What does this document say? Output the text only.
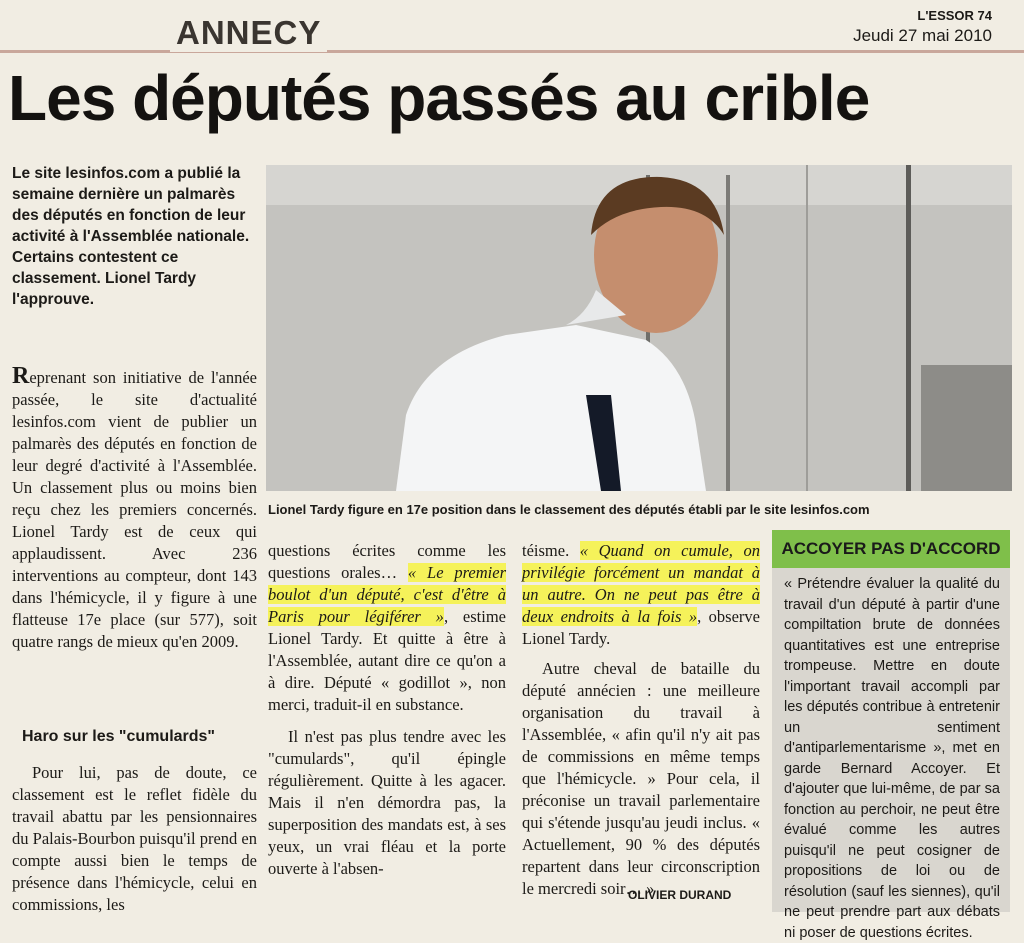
ANNECY	L'ESSOR 74
Jeudi 27 mai 2010
Les députés passés au crible

Le site lesinfos.com a publié la semaine dernière un palmarès des députés en fonction de leur activité à l'Assemblée nationale. Certains contestent ce classement. Lionel Tardy l'approuve.

Lionel Tardy figure en 17e position dans le classement des députés établi par le site lesinfos.com

Reprenant son initiative de l'année passée, le site d'actualité lesinfos.com vient de publier un palmarès des députés en fonction de leur degré d'activité à l'Assemblée. Un classement plus ou moins bien reçu chez les premiers concernés. Lionel Tardy est de ceux qui applaudissent. Avec 236 interventions au compteur, dont 143 dans l'hémicycle, il y figure à une flatteuse 17e place (sur 577), soit quatre rangs de mieux qu'en 2009.
Haro sur les "cumulards"

Pour lui, pas de doute, ce classement est le reflet fidèle du travail abattu par les pensionnaires du Palais-Bourbon puisqu'il prend en compte aussi bien le temps de présence dans l'hémicycle, celui en commissions, les

questions écrites comme les questions orales… « Le premier boulot d'un député, c'est d'être à Paris pour légiférer », estime Lionel Tardy. Et quitte à être à l'Assemblée, autant dire ce qu'on a à dire. Député « godillot », non merci, traduit-il en substance.

Il n'est pas plus tendre avec les "cumulards", qu'il épingle régulièrement. Quitte à les agacer. Mais il n'en démordra pas, la superposition des mandats est, à ses yeux, un vrai fléau et la porte ouverte à l'absen-

téisme. « Quand on cumule, on privilégie forcément un mandat à un autre. On ne peut pas être à deux endroits à la fois », observe Lionel Tardy.

Autre cheval de bataille du député annécien : une meilleure organisation du travail à l'Assemblée, « afin qu'il n'y ait pas de commissions en même temps que l'hémicycle. » Pour cela, il préconise un travail parlementaire qui s'étende jusqu'au jeudi inclus. « Actuellement, 90 % des députés repartent dans leur circonscription le mercredi soir… »

OLIVIER DURAND
ACCOYER PAS D'ACCORD

« Prétendre évaluer la qualité du travail d'un député à partir d'une compiltation brute de données quantitatives est une entreprise trompeuse. Mettre en doute l'important travail accompli par les députés contribue à entretenir un sentiment d'antiparlementarisme », met en garde Bernard Accoyer. Et d'ajouter que lui-même, de par sa fonction au perchoir, ne peut être évalué comme les autres puisqu'il ne peut cosigner de propositions de loi ou de résolution (sauf les siennes), qu'il ne peut prendre part aux débats ni poser de questions écrites.
